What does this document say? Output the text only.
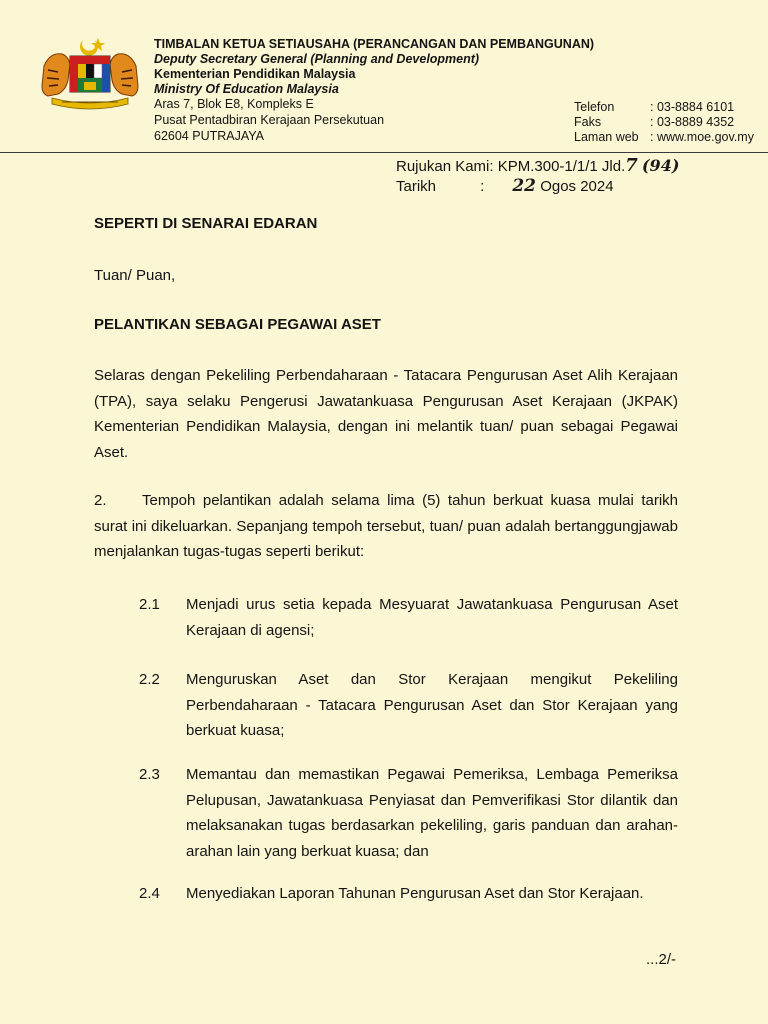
TIMBALAN KETUA SETIAUSAHA (PERANCANGAN DAN PEMBANGUNAN)
Deputy Secretary General (Planning and Development)
Kementerian Pendidikan Malaysia
Ministry Of Education Malaysia
Aras 7, Blok E8, Kompleks E
Pusat Pentadbiran Kerajaan Persekutuan
62604 PUTRAJAYA
Telefon	: 03-8884 6101
Faks	: 03-8889 4352
Laman web : www.moe.gov.my
Rujukan Kami: KPM.300-1/1/1 Jld.7 (94)
Tarikh	: 22 Ogos 2024
SEPERTI DI SENARAI EDARAN
Tuan/ Puan,
PELANTIKAN SEBAGAI PEGAWAI ASET
Selaras dengan Pekeliling Perbendaharaan - Tatacara Pengurusan Aset Alih Kerajaan (TPA), saya selaku Pengerusi Jawatankuasa Pengurusan Aset Kerajaan (JKPAK) Kementerian Pendidikan Malaysia, dengan ini melantik tuan/ puan sebagai Pegawai Aset.
2. Tempoh pelantikan adalah selama lima (5) tahun berkuat kuasa mulai tarikh surat ini dikeluarkan. Sepanjang tempoh tersebut, tuan/ puan adalah bertanggungjawab menjalankan tugas-tugas seperti berikut:
2.1 Menjadi urus setia kepada Mesyuarat Jawatankuasa Pengurusan Aset Kerajaan di agensi;
2.2 Menguruskan Aset dan Stor Kerajaan mengikut Pekeliling Perbendaharaan - Tatacara Pengurusan Aset dan Stor Kerajaan yang berkuat kuasa;
2.3 Memantau dan memastikan Pegawai Pemeriksa, Lembaga Pemeriksa Pelupusan, Jawatankuasa Penyiasat dan Pemverifikasi Stor dilantik dan melaksanakan tugas berdasarkan pekeliling, garis panduan dan arahan-arahan lain yang berkuat kuasa; dan
2.4 Menyediakan Laporan Tahunan Pengurusan Aset dan Stor Kerajaan.
...2/-
